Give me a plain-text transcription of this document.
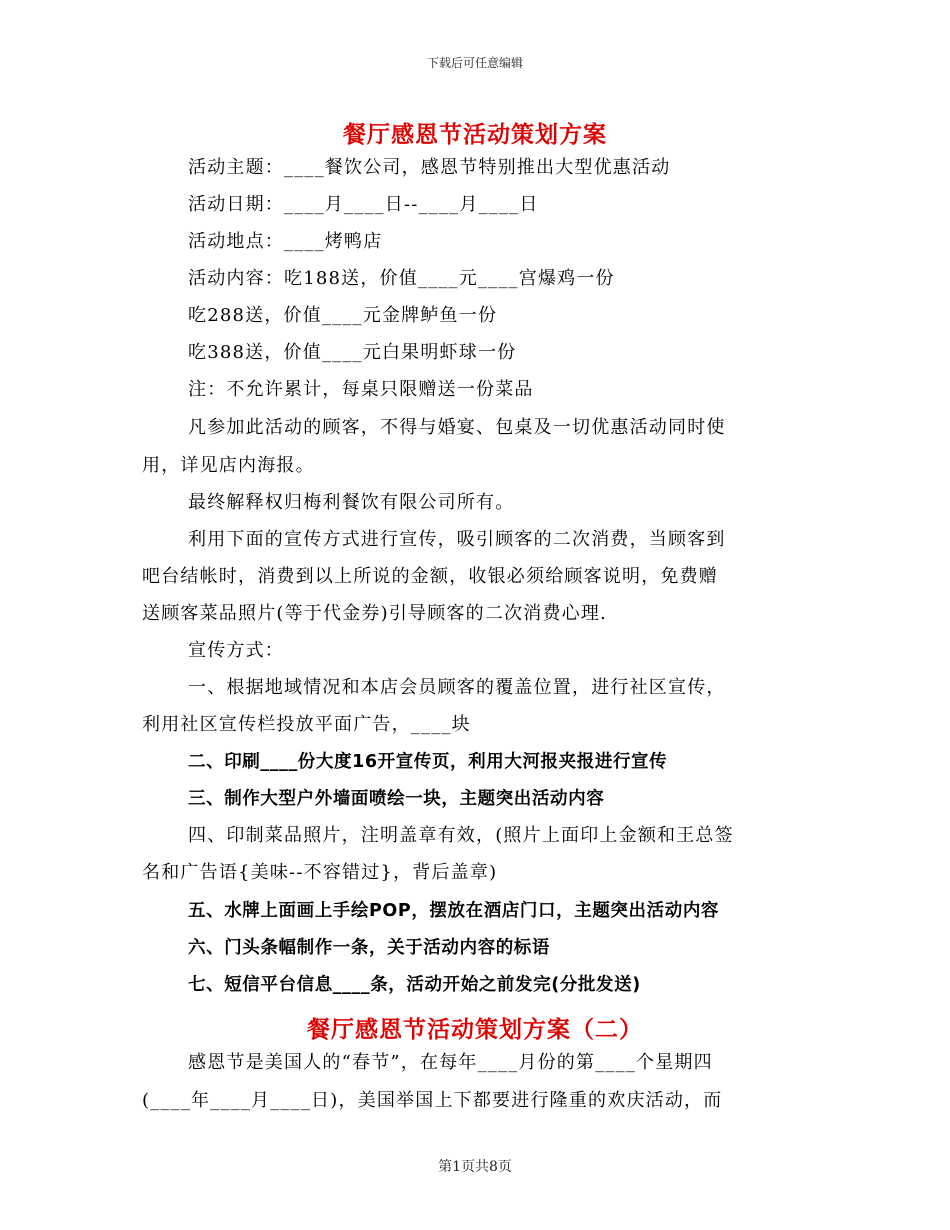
下载后可任意编辑
餐厅感恩节活动策划方案
活动主题：____餐饮公司，感恩节特别推出大型优惠活动
活动日期：____月____日--____月____日
活动地点：____烤鸭店
活动内容：吃188送，价值____元____宫爆鸡一份
吃288送，价值____元金牌鲈鱼一份
吃388送，价值____元白果明虾球一份
注：不允许累计，每桌只限赠送一份菜品
凡参加此活动的顾客，不得与婚宴、包桌及一切优惠活动同时使
用，详见店内海报。
最终解释权归梅利餐饮有限公司所有。
利用下面的宣传方式进行宣传，吸引顾客的二次消费，当顾客到
吧台结帐时，消费到以上所说的金额，收银必须给顾客说明，免费赠
送顾客菜品照片(等于代金券)引导顾客的二次消费心理.
宣传方式：
一、根据地域情况和本店会员顾客的覆盖位置，进行社区宣传，
利用社区宣传栏投放平面广告，____块
二、印刷____份大度16开宣传页，利用大河报夹报进行宣传
三、制作大型户外墙面喷绘一块，主题突出活动内容
四、印制菜品照片，注明盖章有效，(照片上面印上金额和王总签
名和广告语{美味--不容错过}，背后盖章)
五、水牌上面画上手绘POP，摆放在酒店门口，主题突出活动内容
六、门头条幅制作一条，关于活动内容的标语
七、短信平台信息____条，活动开始之前发完(分批发送)
餐厅感恩节活动策划方案（二）
感恩节是美国人的“春节”，在每年____月份的第____个星期四
(____年____月____日)，美国举国上下都要进行隆重的欢庆活动，而
第1页共8页
